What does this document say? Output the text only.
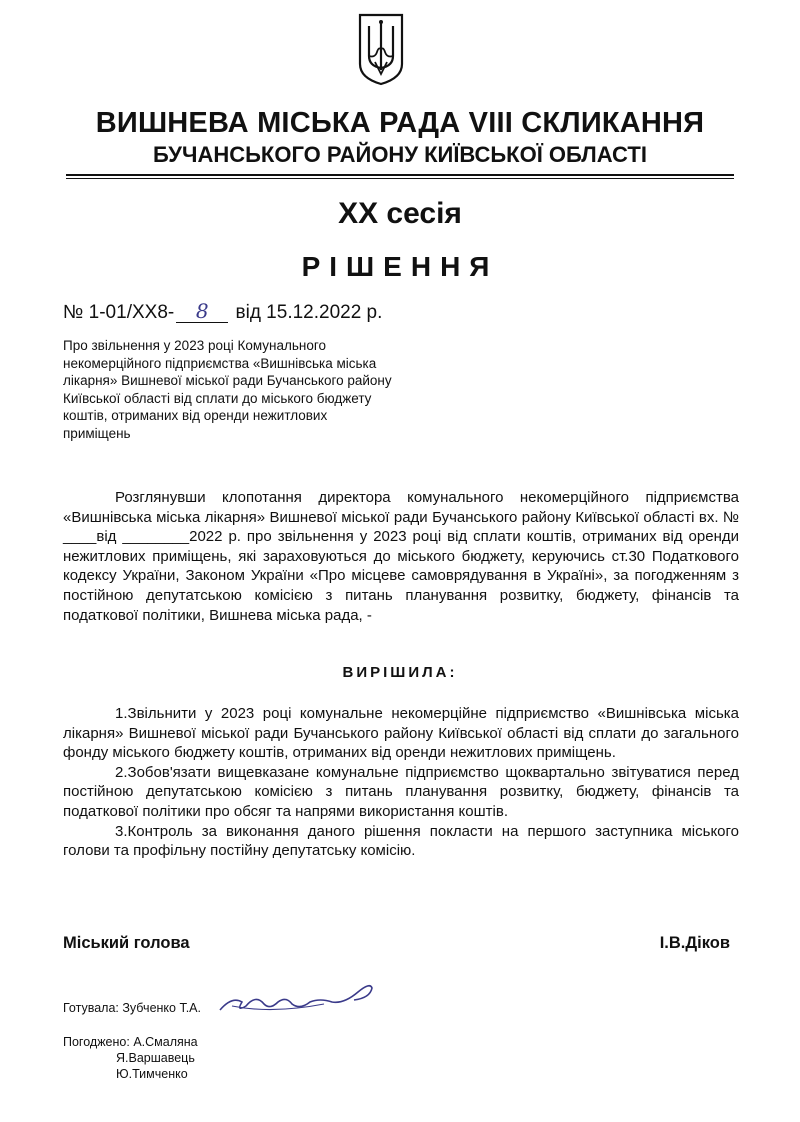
ВИШНЕВА МІСЬКА РАДА VIII СКЛИКАННЯ
БУЧАНСЬКОГО РАЙОНУ КИЇВСЬКОЇ ОБЛАСТІ
XX сесія
РІШЕННЯ
№ 1-01/XX8- 8 від 15.12.2022 р.
Про звільнення у 2023 році Комунального некомерційного підприємства «Вишнівська міська лікарня» Вишневої міської ради Бучанського району Київської області від сплати до міського бюджету коштів, отриманих від оренди нежитлових приміщень

Розглянувши клопотання директора комунального некомерційного підприємства «Вишнівська міська лікарня» Вишневої міської ради Бучанського району Київської області вх. № ____від ________2022 р. про звільнення у 2023 році від сплати коштів, отриманих від оренди нежитлових приміщень, які зараховуються до міського бюджету, керуючись ст.30 Податкового кодексу України, Законом України «Про місцеве самоврядування в Україні», за погодженням з постійною депутатською комісією з питань планування розвитку, бюджету, фінансів та податкової політики, Вишнева міська рада, -

ВИРІШИЛА:

1.Звільнити у 2023 році комунальне некомерційне підприємство «Вишнівська міська лікарня» Вишневої міської ради Бучанського району Київської області від сплати до загального фонду міського бюджету коштів, отриманих від оренди нежитлових приміщень.

2.Зобов'язати вищевказане комунальне підприємство щоквартально звітуватися перед постійною депутатською комісією з питань планування розвитку, бюджету, фінансів та податкової політики про обсяг та напрями використання коштів.

3.Контроль за виконання даного рішення покласти на першого заступника міського голови та профільну постійну депутатську комісію.

Міський голова	І.В.Діков
Готувала: Зубченко Т.А.
Погоджено: А.Смаляна
Я.Варшавець
Ю.Тимченко
